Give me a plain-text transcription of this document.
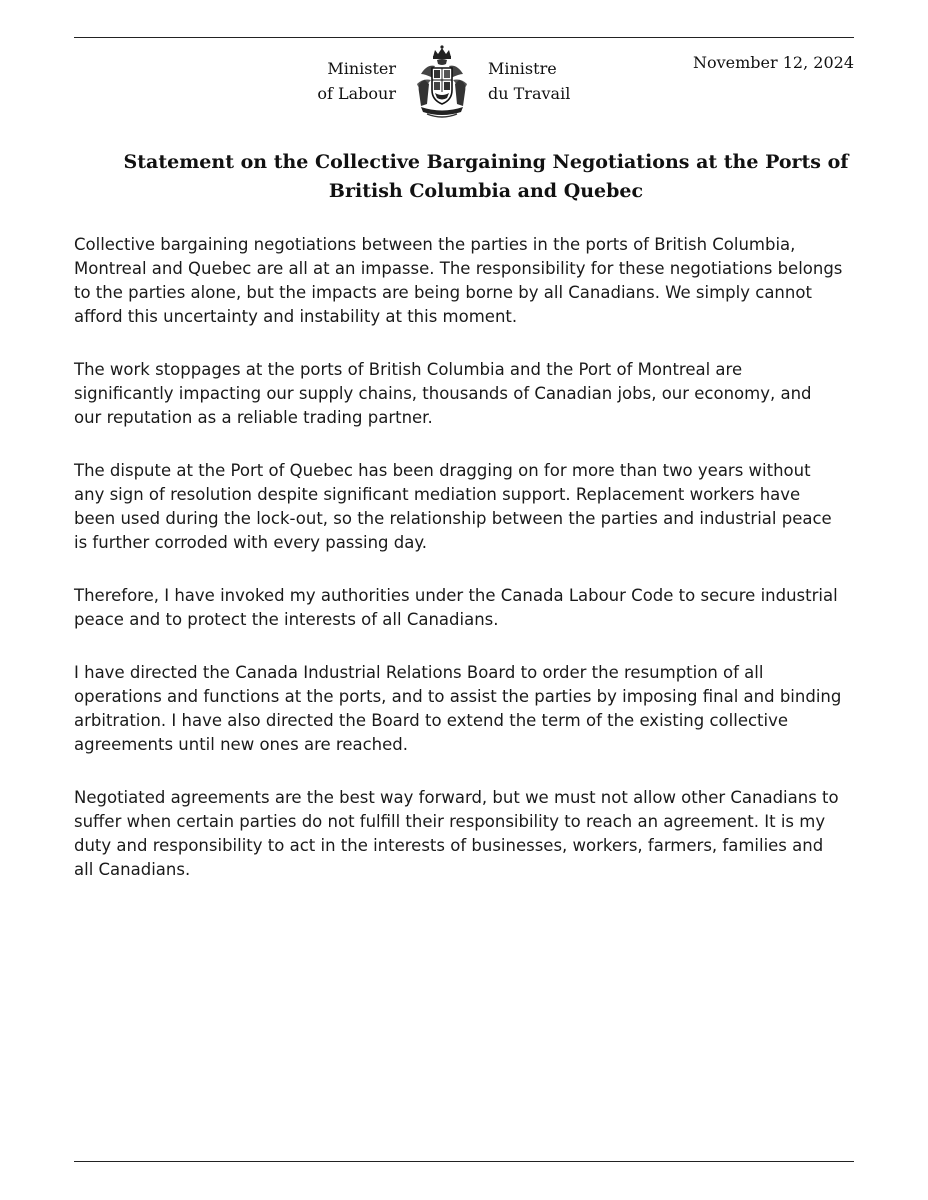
Minister
of Labour
Ministre
du Travail
November 12, 2024
Statement on the Collective Bargaining Negotiations at the Ports of British Columbia and Quebec

Collective bargaining negotiations between the parties in the ports of British Columbia, Montreal and Quebec are all at an impasse. The responsibility for these negotiations belongs to the parties alone, but the impacts are being borne by all Canadians. We simply cannot afford this uncertainty and instability at this moment.

The work stoppages at the ports of British Columbia and the Port of Montreal are significantly impacting our supply chains, thousands of Canadian jobs, our economy, and our reputation as a reliable trading partner.

The dispute at the Port of Quebec has been dragging on for more than two years without any sign of resolution despite significant mediation support. Replacement workers have been used during the lock-out, so the relationship between the parties and industrial peace is further corroded with every passing day.

Therefore, I have invoked my authorities under the Canada Labour Code to secure industrial peace and to protect the interests of all Canadians.

I have directed the Canada Industrial Relations Board to order the resumption of all operations and functions at the ports, and to assist the parties by imposing final and binding arbitration. I have also directed the Board to extend the term of the existing collective agreements until new ones are reached.

Negotiated agreements are the best way forward, but we must not allow other Canadians to suffer when certain parties do not fulfill their responsibility to reach an agreement. It is my duty and responsibility to act in the interests of businesses, workers, farmers, families and all Canadians.
